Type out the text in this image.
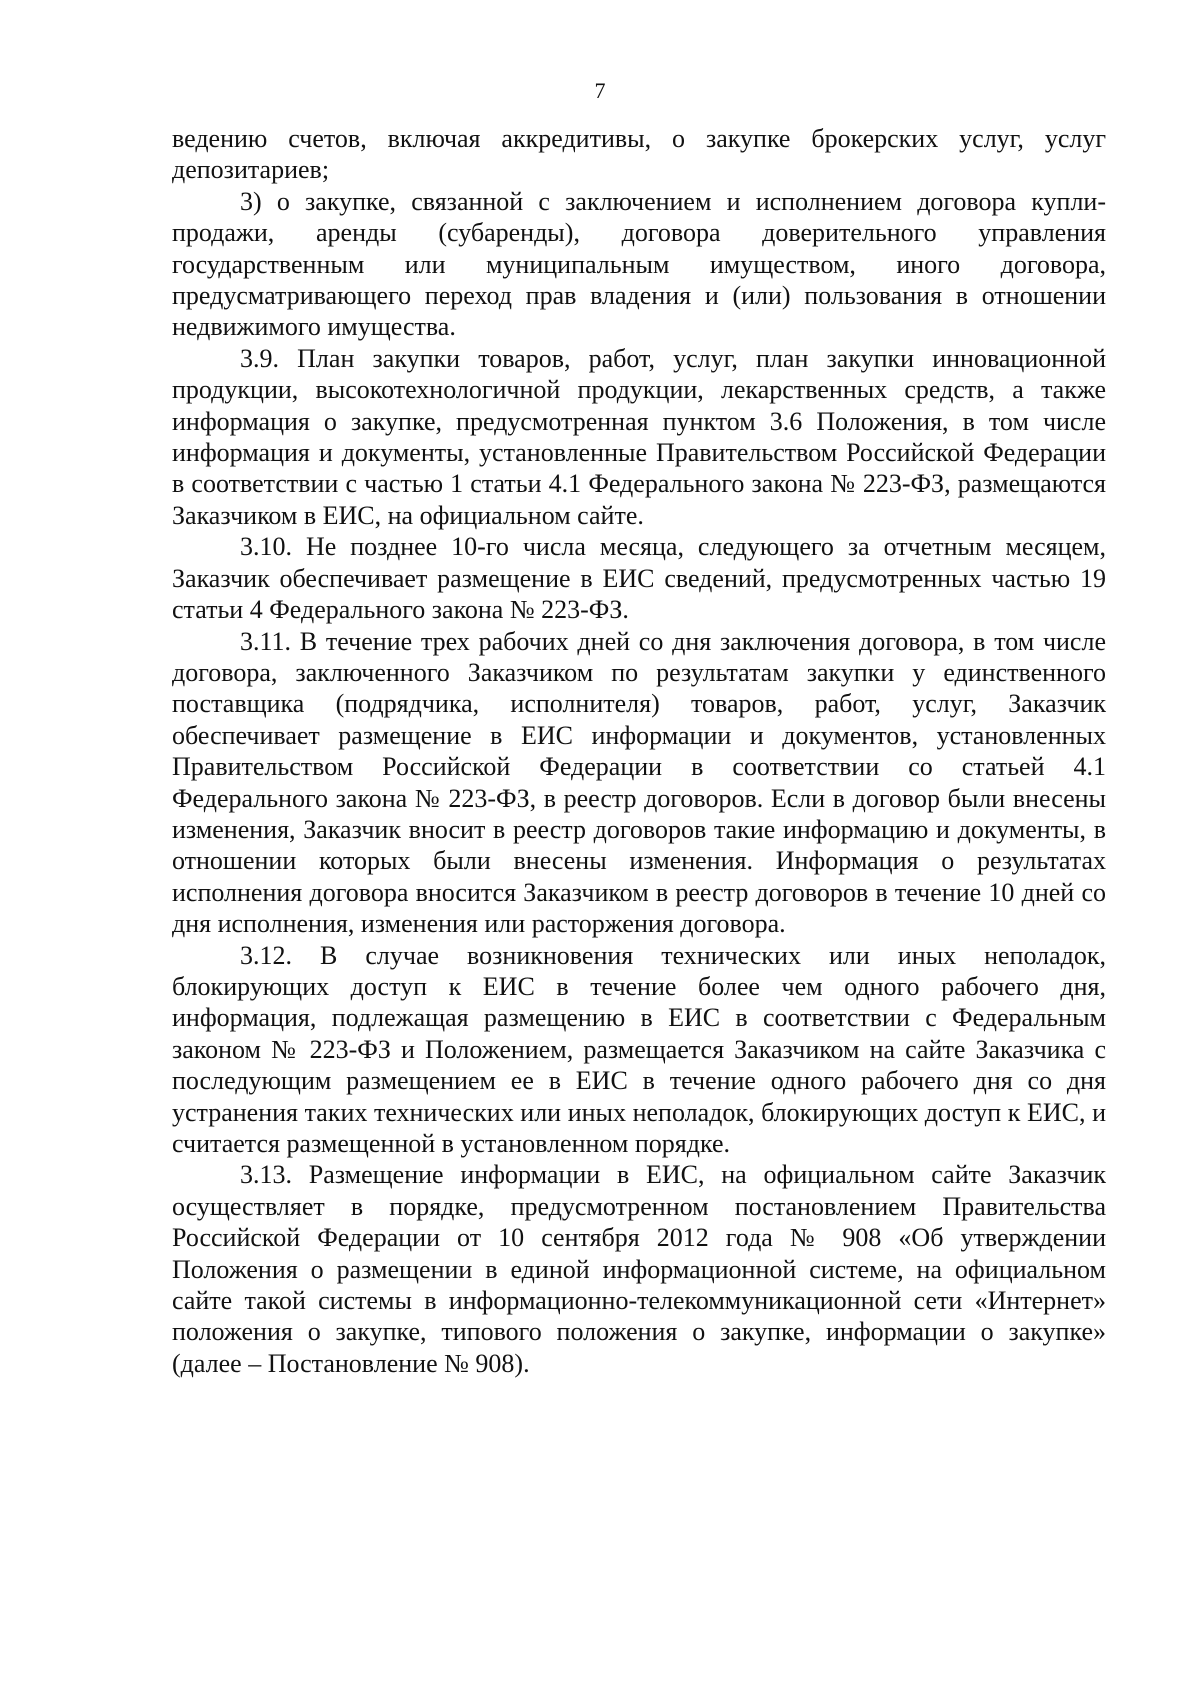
7

ведению счетов, включая аккредитивы, о закупке брокерских услуг, услуг депозитариев;

3) о закупке, связанной с заключением и исполнением договора купли-продажи, аренды (субаренды), договора доверительного управления государственным или муниципальным имуществом, иного договора, предусматривающего переход прав владения и (или) пользования в отношении недвижимого имущества.

3.9. План закупки товаров, работ, услуг, план закупки инновационной продукции, высокотехнологичной продукции, лекарственных средств, а также информация о закупке, предусмотренная пунктом 3.6 Положения, в том числе информация и документы, установленные Правительством Российской Федерации в соответствии с частью 1 статьи 4.1 Федерального закона № 223-ФЗ, размещаются Заказчиком в ЕИС, на официальном сайте.

3.10. Не позднее 10-го числа месяца, следующего за отчетным месяцем, Заказчик обеспечивает размещение в ЕИС сведений, предусмотренных частью 19 статьи 4 Федерального закона № 223-ФЗ.

3.11. В течение трех рабочих дней со дня заключения договора, в том числе договора, заключенного Заказчиком по результатам закупки у единственного поставщика (подрядчика, исполнителя) товаров, работ, услуг, Заказчик обеспечивает размещение в ЕИС информации и документов, установленных Правительством Российской Федерации в соответствии со статьей 4.1 Федерального закона № 223-ФЗ, в реестр договоров. Если в договор были внесены изменения, Заказчик вносит в реестр договоров такие информацию и документы, в отношении которых были внесены изменения. Информация о результатах исполнения договора вносится Заказчиком в реестр договоров в течение 10 дней со дня исполнения, изменения или расторжения договора.

3.12. В случае возникновения технических или иных неполадок, блокирующих доступ к ЕИС в течение более чем одного рабочего дня, информация, подлежащая размещению в ЕИС в соответствии с Федеральным законом № 223-ФЗ и Положением, размещается Заказчиком на сайте Заказчика с последующим размещением ее в ЕИС в течение одного рабочего дня со дня устранения таких технических или иных неполадок, блокирующих доступ к ЕИС, и считается размещенной в установленном порядке.

3.13. Размещение информации в ЕИС, на официальном сайте Заказчик осуществляет в порядке, предусмотренном постановлением Правительства Российской Федерации от 10 сентября 2012 года № 908 «Об утверждении Положения о размещении в единой информационной системе, на официальном сайте такой системы в информационно-телекоммуникационной сети «Интернет» положения о закупке, типового положения о закупке, информации о закупке» (далее – Постановление № 908).
